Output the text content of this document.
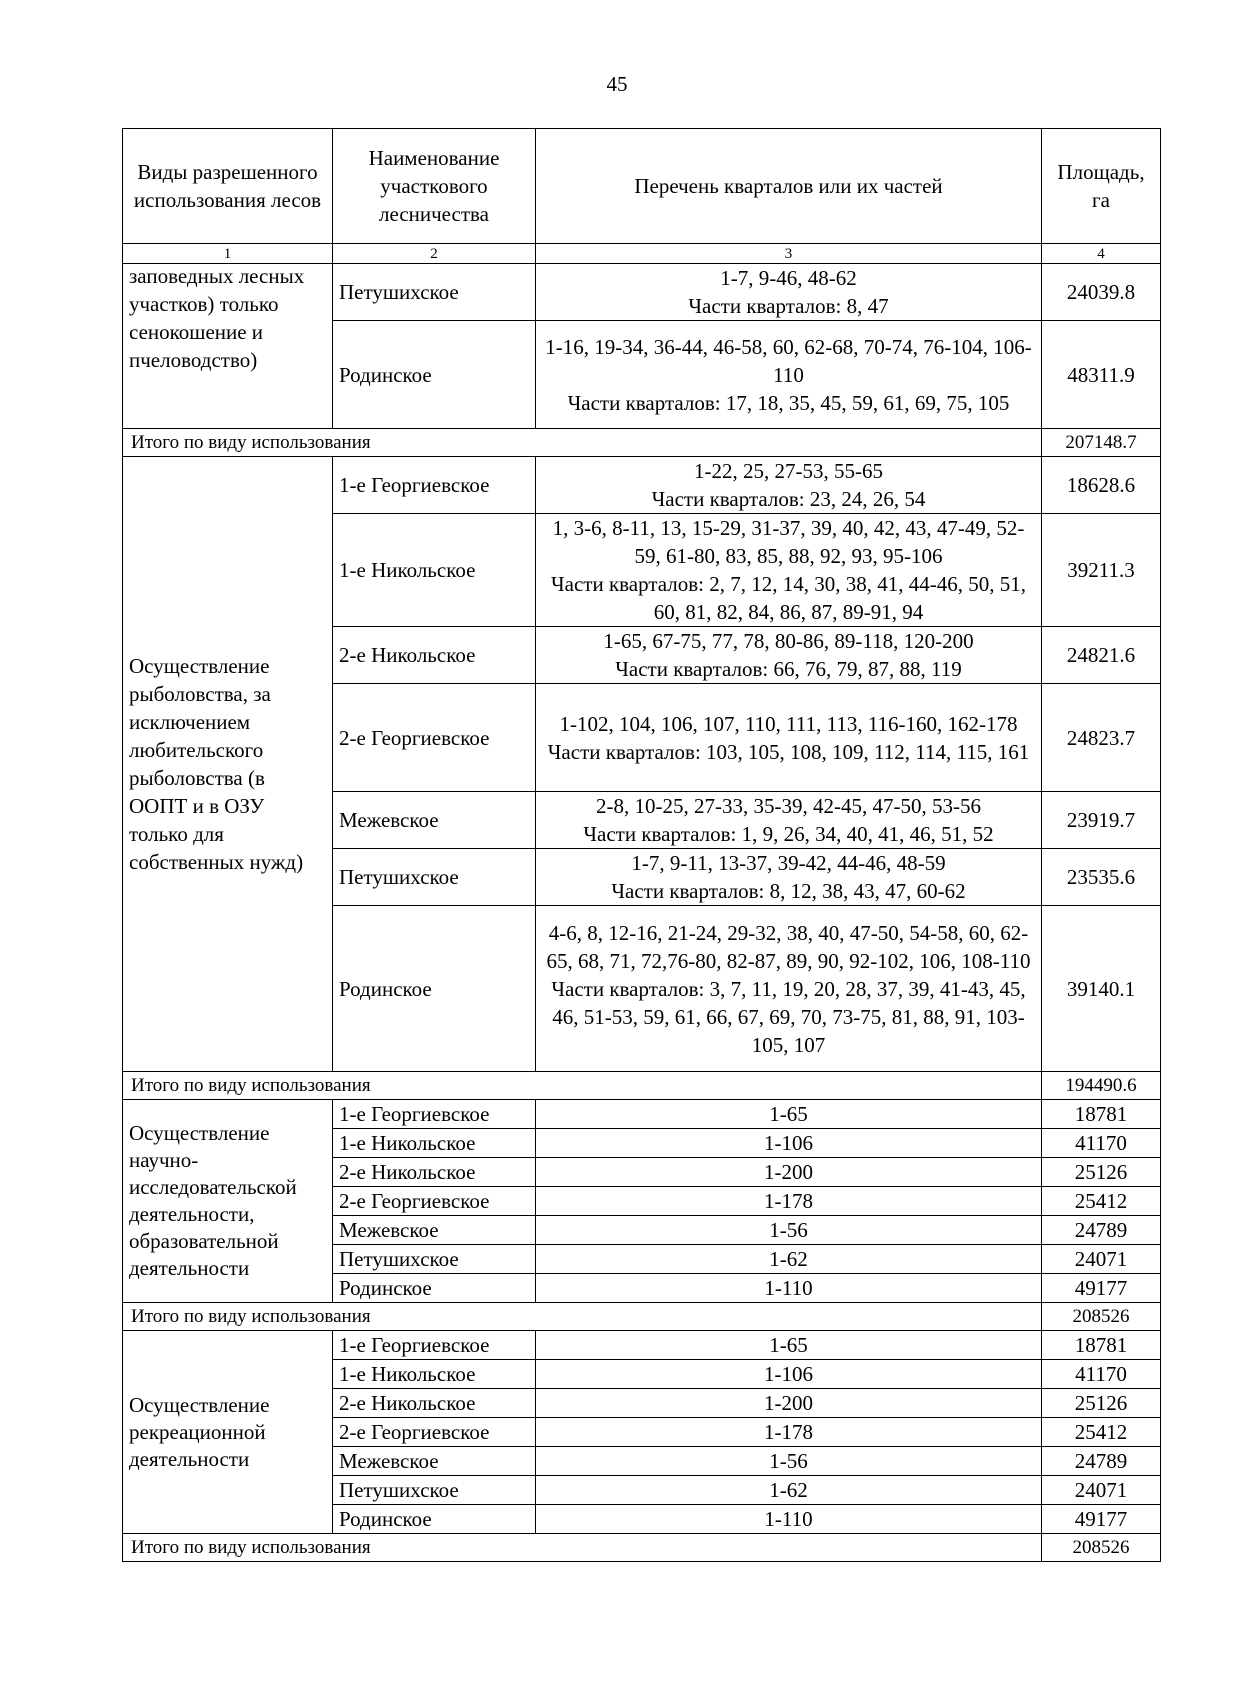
45
Виды разрешенного использования лесов	Наименование участкового лесничества	Перечень кварталов или их частей	Площадь, га
1	2	3	4

заповедных лесных участков) только сенокошение и пчеловодство)	Петушихское	1-7, 9-46, 48-62
Части кварталов: 8, 47	24039.8
	Родинское	1-16, 19-34, 36-44, 46-58, 60, 62-68, 70-74, 76-104, 106-110
Части кварталов: 17, 18, 35, 45, 59, 61, 69, 75, 105	48311.9
Итого по виду использования			207148.7
Осуществление рыболовства, за исключением любительского рыболовства (в ООПТ и в ОЗУ только для собственных нужд)	1-е Георгиевское	1-22, 25, 27-53, 55-65
Части кварталов: 23, 24, 26, 54	18628.6
	1-е Никольское	1, 3-6, 8-11, 13, 15-29, 31-37, 39, 40, 42, 43, 47-49, 52-59, 61-80, 83, 85, 88, 92, 93, 95-106
Части кварталов: 2, 7, 12, 14, 30, 38, 41, 44-46, 50, 51, 60, 81, 82, 84, 86, 87, 89-91, 94	39211.3
	2-е Никольское	1-65, 67-75, 77, 78, 80-86, 89-118, 120-200
Части кварталов: 66, 76, 79, 87, 88, 119	24821.6
	2-е Георгиевское	1-102, 104, 106, 107, 110, 111, 113, 116-160, 162-178
Части кварталов: 103, 105, 108, 109, 112, 114, 115, 161	24823.7
	Межевское	2-8, 10-25, 27-33, 35-39, 42-45, 47-50, 53-56
Части кварталов: 1, 9, 26, 34, 40, 41, 46, 51, 52	23919.7
	Петушихское	1-7, 9-11, 13-37, 39-42, 44-46, 48-59
Части кварталов: 8, 12, 38, 43, 47, 60-62	23535.6
	Родинское	4-6, 8, 12-16, 21-24, 29-32, 38, 40, 47-50, 54-58, 60, 62-65, 68, 71, 72,76-80, 82-87, 89, 90, 92-102, 106, 108-110
Части кварталов: 3, 7, 11, 19, 20, 28, 37, 39, 41-43, 45, 46, 51-53, 59, 61, 66, 67, 69, 70, 73-75, 81, 88, 91, 103-105, 107	39140.1
Итого по виду использования			194490.6
Осуществление научно-исследовательской деятельности, образовательной деятельности	1-е Георгиевское	1-65	18781
	1-е Никольское	1-106	41170
	2-е Никольское	1-200	25126
	2-е Георгиевское	1-178	25412
	Межевское	1-56	24789
	Петушихское	1-62	24071
	Родинское	1-110	49177
Итого по виду использования			208526
Осуществление рекреационной деятельности	1-е Георгиевское	1-65	18781
	1-е Никольское	1-106	41170
	2-е Никольское	1-200	25126
	2-е Георгиевское	1-178	25412
	Межевское	1-56	24789
	Петушихское	1-62	24071
	Родинское	1-110	49177
Итого по виду использования			208526
